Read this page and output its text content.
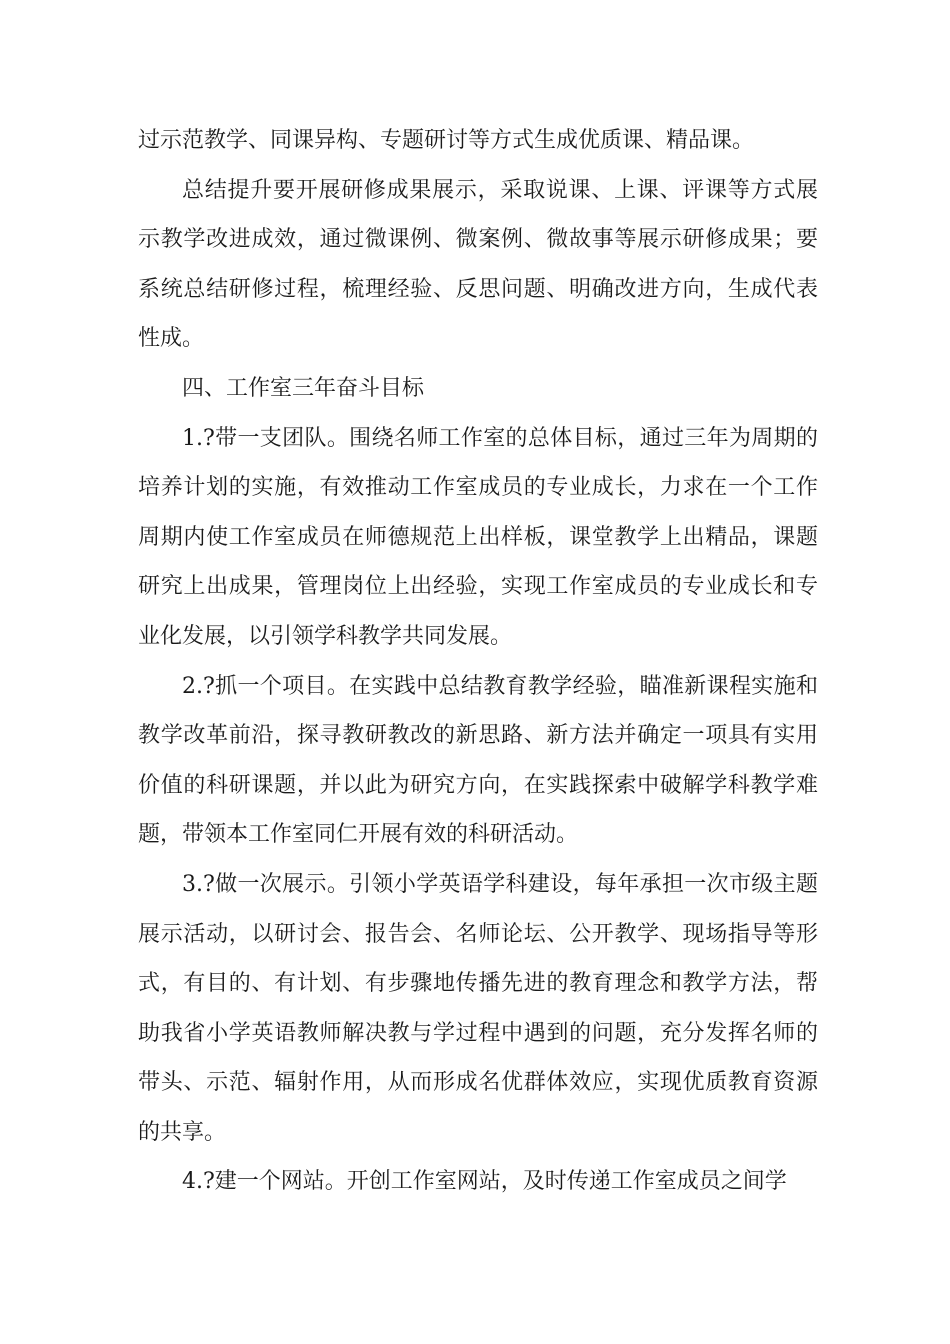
过示范教学、同课异构、专题研讨等方式生成优质课、精品课。

总结提升要开展研修成果展示，采取说课、上课、评课等方式展示教学改进成效，通过微课例、微案例、微故事等展示研修成果；要系统总结研修过程，梳理经验、反思问题、明确改进方向，生成代表性成。

四、工作室三年奋斗目标

1.?带一支团队。围绕名师工作室的总体目标，通过三年为周期的培养计划的实施，有效推动工作室成员的专业成长，力求在一个工作周期内使工作室成员在师德规范上出样板，课堂教学上出精品，课题研究上出成果，管理岗位上出经验，实现工作室成员的专业成长和专业化发展，以引领学科教学共同发展。

2.?抓一个项目。在实践中总结教育教学经验，瞄准新课程实施和教学改革前沿，探寻教研教改的新思路、新方法并确定一项具有实用价值的科研课题，并以此为研究方向，在实践探索中破解学科教学难题，带领本工作室同仁开展有效的科研活动。

3.?做一次展示。引领小学英语学科建设，每年承担一次市级主题展示活动，以研讨会、报告会、名师论坛、公开教学、现场指导等形式，有目的、有计划、有步骤地传播先进的教育理念和教学方法，帮助我省小学英语教师解决教与学过程中遇到的问题，充分发挥名师的带头、示范、辐射作用，从而形成名优群体效应，实现优质教育资源的共享。

4.?建一个网站。开创工作室网站，及时传递工作室成员之间学
